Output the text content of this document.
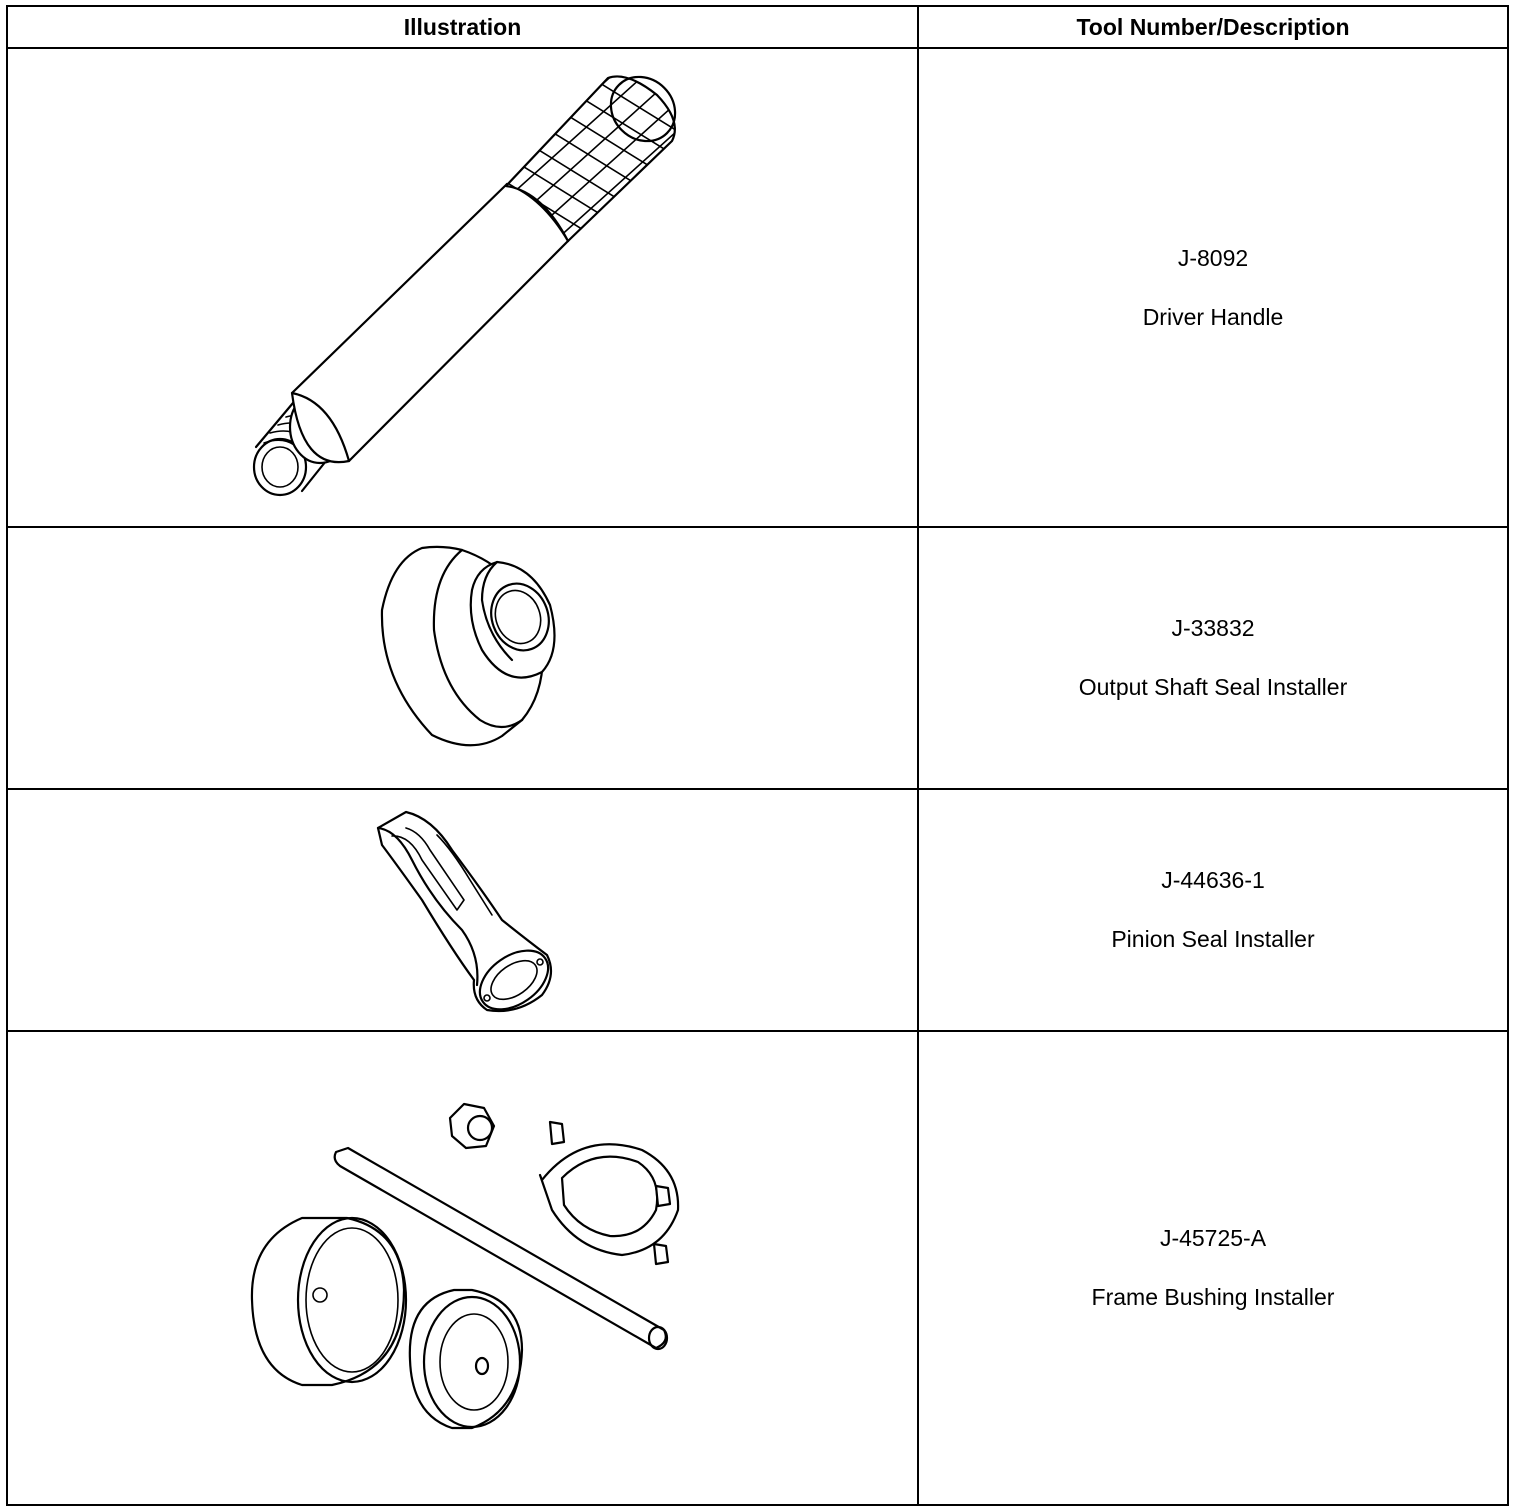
Illustration	Tool Number/Description

J-8092
Driver Handle

J-33832
Output Shaft Seal Installer

J-44636-1
Pinion Seal Installer

J-45725-A
Frame Bushing Installer
